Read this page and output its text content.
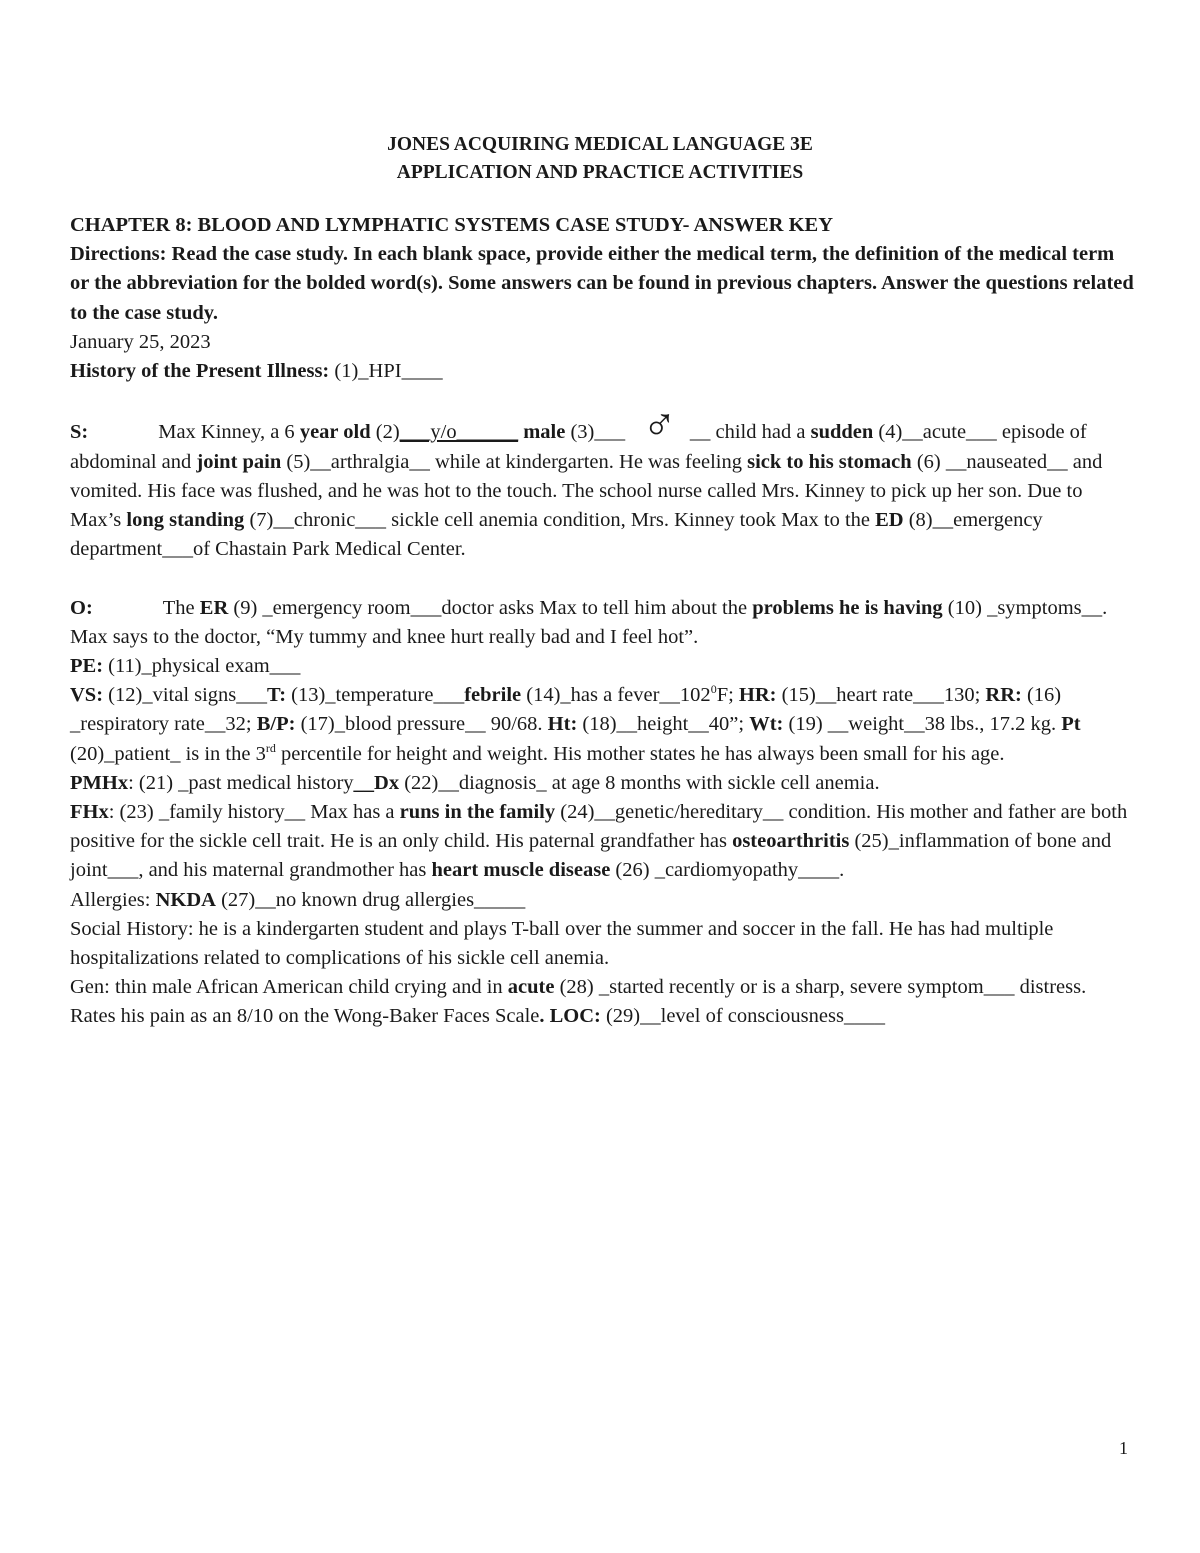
JONES ACQUIRING MEDICAL LANGUAGE 3E
APPLICATION AND PRACTICE ACTIVITIES

CHAPTER 8: BLOOD AND LYMPHATIC SYSTEMS CASE STUDY- ANSWER KEY

Directions: Read the case study. In each blank space, provide either the medical term, the definition of the medical term or the abbreviation for the bolded word(s). Some answers can be found in previous chapters. Answer the questions related to the case study.

January 25, 2023

History of the Present Illness: (1)_HPI____

S:	Max Kinney, a 6 year old (2)___y/o______ male (3)___ ♂ __ child had a sudden (4)__acute___ episode of abdominal and joint pain (5)__arthralgia__ while at kindergarten. He was feeling sick to his stomach (6) __nauseated__ and vomited. His face was flushed, and he was hot to the touch. The school nurse called Mrs. Kinney to pick up her son. Due to Max’s long standing (7)__chronic___ sickle cell anemia condition, Mrs. Kinney took Max to the ED (8)__emergency department___of Chastain Park Medical Center.

O:	The ER (9) _emergency room___doctor asks Max to tell him about the problems he is having (10) _symptoms__. Max says to the doctor, “My tummy and knee hurt really bad and I feel hot”.

PE: (11)_physical exam___

VS: (12)_vital signs___T: (13)_temperature___febrile (14)_has a $fever\_\_102^0F$; HR: (15)__heart rate___130; RR: (16) _respiratory rate__32; B/P: (17)_blood pressure__ 90/68. Ht: (18)__height__40”; Wt: (19) __weight__38 lbs., 17.2 kg. Pt (20)_patient_ is in the 3rd percentile for height and weight. His mother states he has always been small for his age.

PMHx: (21) _past medical history__Dx (22)__diagnosis_ at age 8 months with sickle cell anemia.

FHx: (23) _family history__ Max has a runs in the family (24)__genetic/hereditary__ condition. His mother and father are both positive for the sickle cell trait. He is an only child. His paternal grandfather has osteoarthritis (25)_inflammation of bone and joint___, and his maternal grandmother has heart muscle disease (26) _cardiomyopathy____.

Allergies: NKDA (27)__no known drug allergies_____

Social History: he is a kindergarten student and plays T-ball over the summer and soccer in the fall. He has had multiple hospitalizations related to complications of his sickle cell anemia.

Gen: thin male African American child crying and in acute (28) _started recently or is a sharp, severe symptom___ distress. Rates his pain as an 8/10 on the Wong-Baker Faces Scale. LOC: (29)__level of consciousness____

1
